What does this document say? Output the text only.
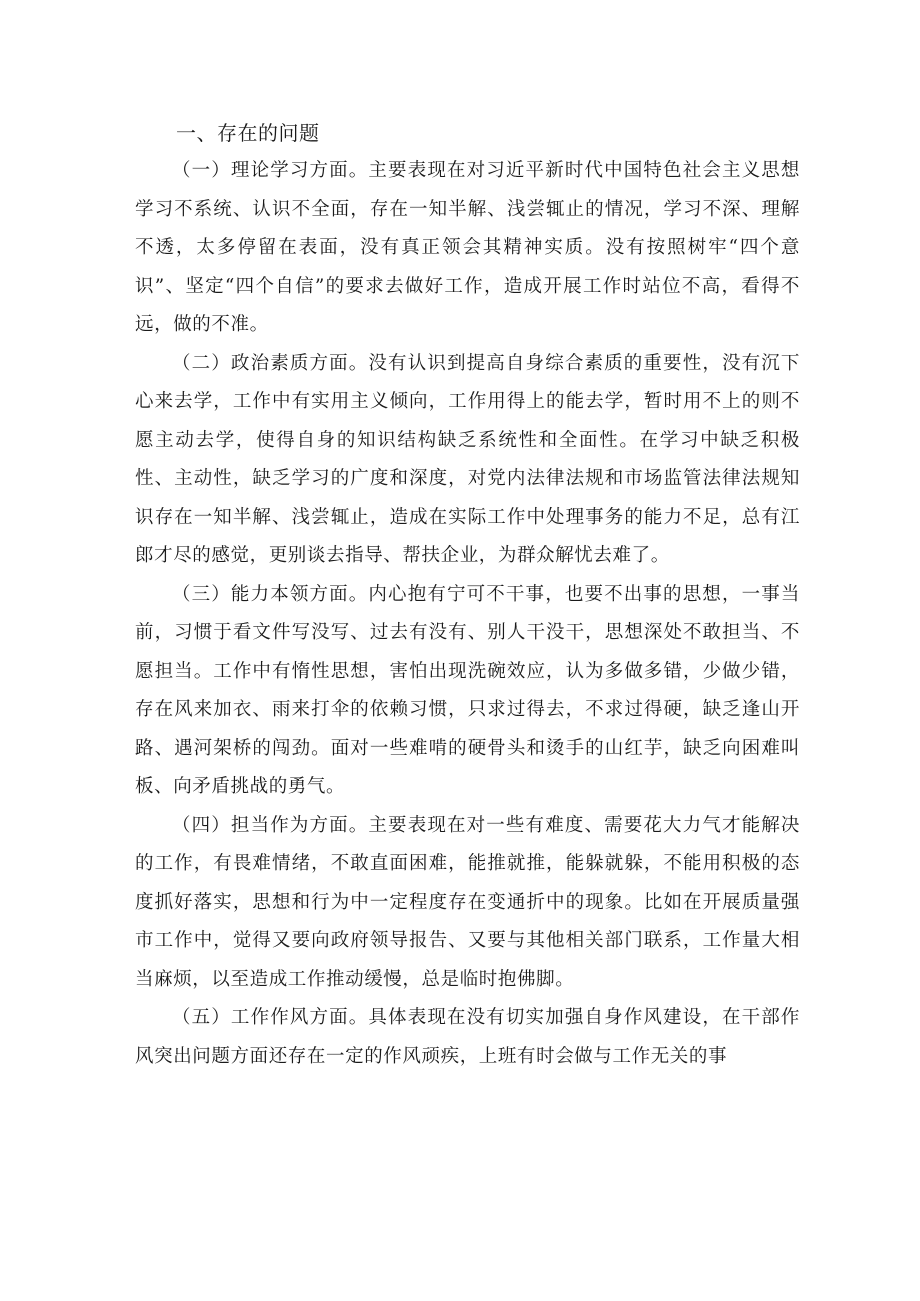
一、存在的问题

（一）理论学习方面。主要表现在对习近平新时代中国特色社会主义思想学习不系统、认识不全面，存在一知半解、浅尝辄止的情况，学习不深、理解不透，太多停留在表面，没有真正领会其精神实质。没有按照树牢“四个意识”、坚定“四个自信”的要求去做好工作，造成开展工作时站位不高，看得不远，做的不准。

（二）政治素质方面。没有认识到提高自身综合素质的重要性，没有沉下心来去学，工作中有实用主义倾向，工作用得上的能去学，暂时用不上的则不愿主动去学，使得自身的知识结构缺乏系统性和全面性。在学习中缺乏积极性、主动性，缺乏学习的广度和深度，对党内法律法规和市场监管法律法规知识存在一知半解、浅尝辄止，造成在实际工作中处理事务的能力不足，总有江郎才尽的感觉，更别谈去指导、帮扶企业，为群众解忧去难了。

（三）能力本领方面。内心抱有宁可不干事，也要不出事的思想，一事当前，习惯于看文件写没写、过去有没有、别人干没干，思想深处不敢担当、不愿担当。工作中有惰性思想，害怕出现洗碗效应，认为多做多错，少做少错，存在风来加衣、雨来打伞的依赖习惯，只求过得去，不求过得硬，缺乏逢山开路、遇河架桥的闯劲。面对一些难啃的硬骨头和烫手的山红芋，缺乏向困难叫板、向矛盾挑战的勇气。

（四）担当作为方面。主要表现在对一些有难度、需要花大力气才能解决的工作，有畏难情绪，不敢直面困难，能推就推，能躲就躲，不能用积极的态度抓好落实，思想和行为中一定程度存在变通折中的现象。比如在开展质量强市工作中，觉得又要向政府领导报告、又要与其他相关部门联系，工作量大相当麻烦，以至造成工作推动缓慢，总是临时抱佛脚。

（五）工作作风方面。具体表现在没有切实加强自身作风建设，在干部作风突出问题方面还存在一定的作风顽疾，上班有时会做与工作无关的事
